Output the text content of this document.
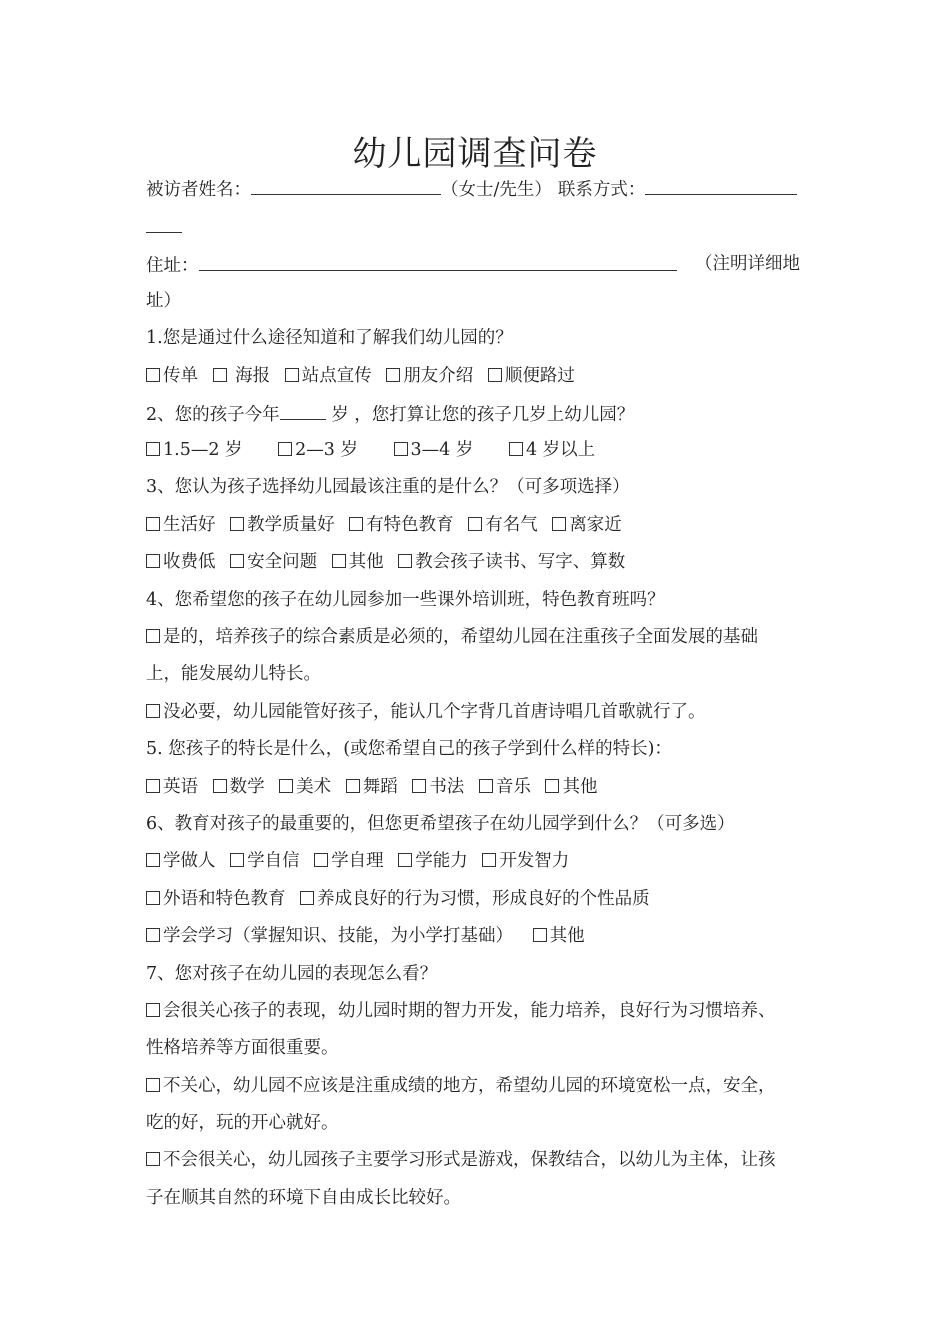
幼儿园调查问卷
被访者姓名：	（女士/先生） 联系方式：
住址：	（注明详细地
址）
1.您是通过什么途径知道和了解我们幼儿园的？
传单  海报 站点宣传 朋友介绍 顺便路过
2、您的孩子今年	岁 ，您打算让您的孩子几岁上幼儿园？
1.5—2 岁	2—3 岁	3—4 岁	4 岁以上
3、您认为孩子选择幼儿园最该注重的是什么？（可多项选择）
生活好 教学质量好 有特色教育 有名气 离家近
收费低 安全问题 其他 教会孩子读书、写字、算数
4、您希望您的孩子在幼儿园参加一些课外培训班，特色教育班吗？
是的，培养孩子的综合素质是必须的，希望幼儿园在注重孩子全面发展的基础
上，能发展幼儿特长。
没必要，幼儿园能管好孩子，能认几个字背几首唐诗唱几首歌就行了。
5. 您孩子的特长是什么，(或您希望自己的孩子学到什么样的特长)：
英语 数学 美术 舞蹈 书法 音乐 其他
6、教育对孩子的最重要的，但您更希望孩子在幼儿园学到什么？（可多选）
学做人 学自信 学自理 学能力 开发智力
外语和特色教育 养成良好的行为习惯，形成良好的个性品质
学会学习（掌握知识、技能，为小学打基础） 其他
7、您对孩子在幼儿园的表现怎么看？
会很关心孩子的表现，幼儿园时期的智力开发，能力培养，良好行为习惯培养、
性格培养等方面很重要。
不关心，幼儿园不应该是注重成绩的地方，希望幼儿园的环境宽松一点，安全，
吃的好，玩的开心就好。
不会很关心，幼儿园孩子主要学习形式是游戏，保教结合，以幼儿为主体，让孩
子在顺其自然的环境下自由成长比较好。
